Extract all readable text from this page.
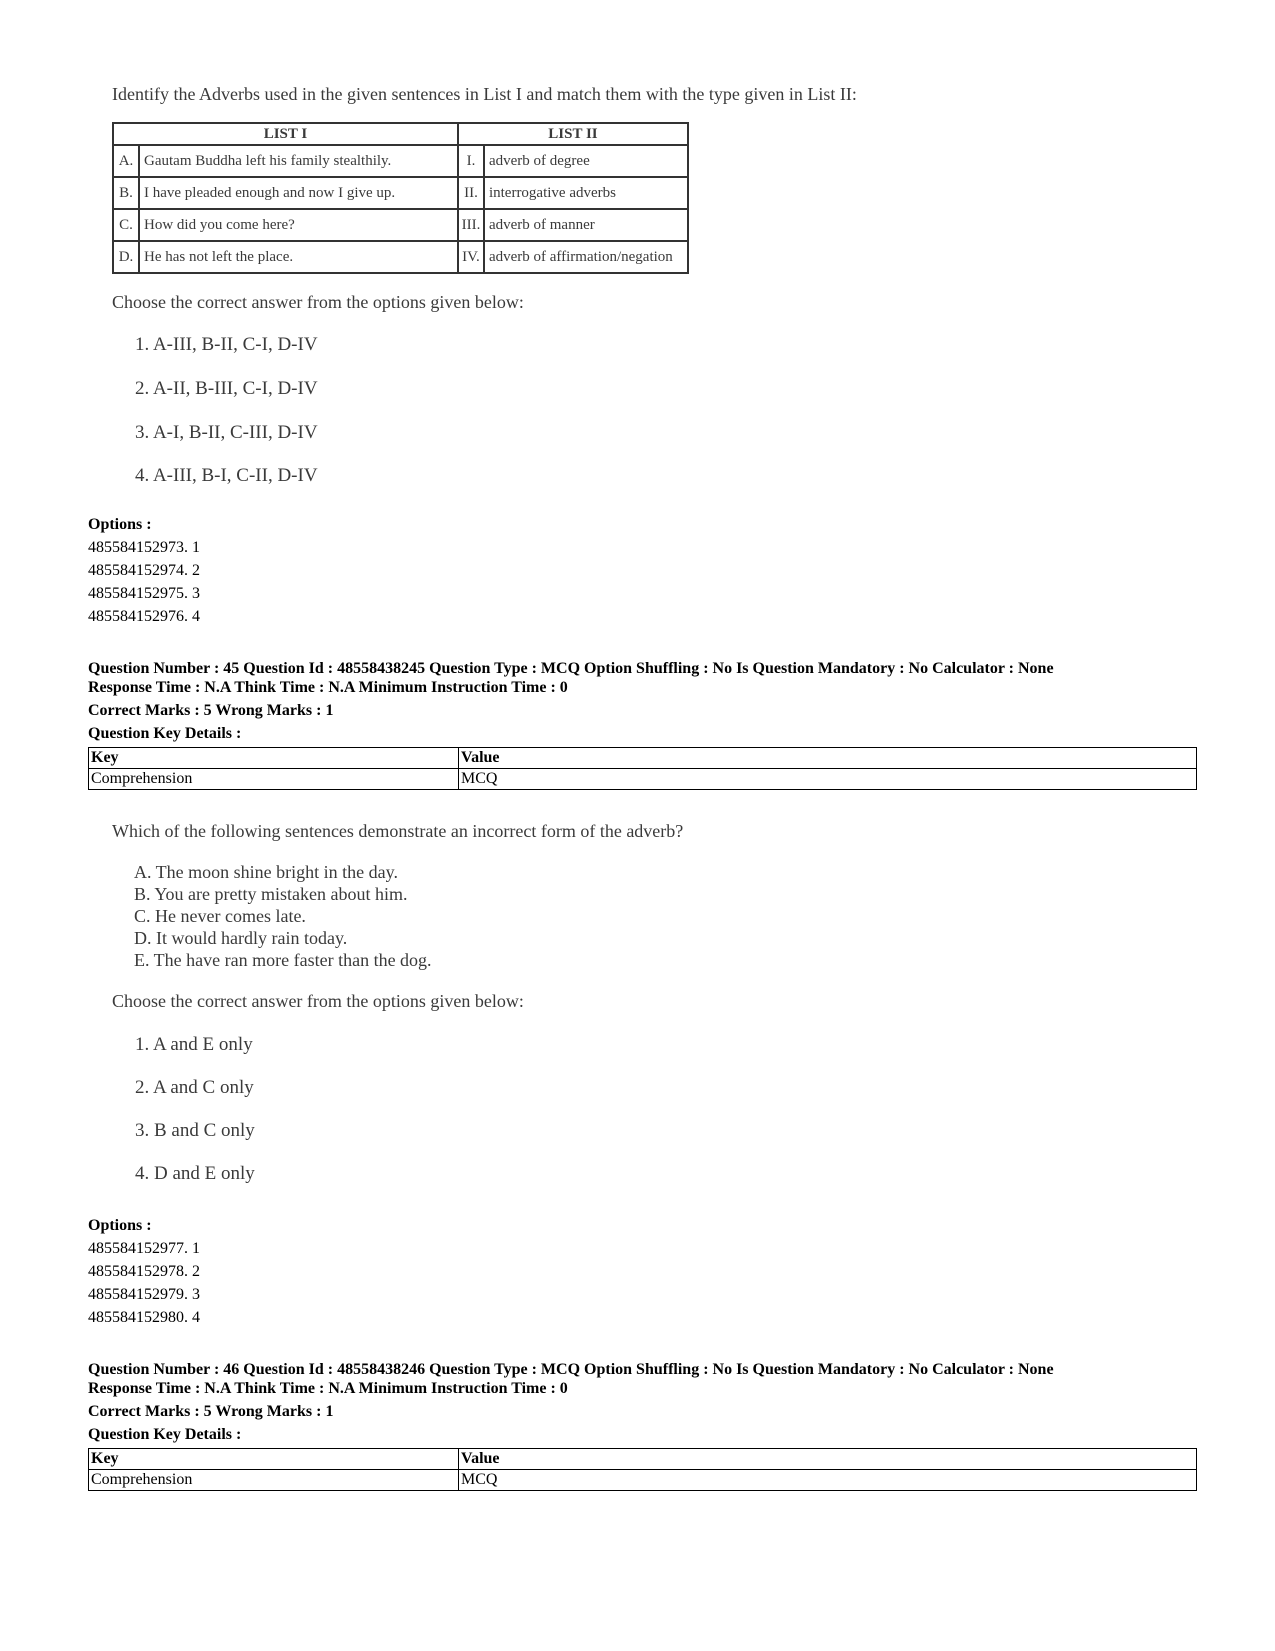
Identify the Adverbs used in the given sentences in List I and match them with the type given in List II:
LIST I		LIST II	
A.	Gautam Buddha left his family stealthily.	I.	adverb of degree
B.	I have pleaded enough and now I give up.	II.	interrogative adverbs
C.	How did you come here?	III.	adverb of manner
D.	He has not left the place.	IV.	adverb of affirmation/negation
Choose the correct answer from the options given below:
1. A-III, B-II, C-I, D-IV
2. A-II, B-III, C-I, D-IV
3. A-I, B-II, C-III, D-IV
4. A-III, B-I, C-II, D-IV
Options :
485584152973. 1
485584152974. 2
485584152975. 3
485584152976. 4
Question Number : 45 Question Id : 48558438245 Question Type : MCQ Option Shuffling : No Is Question Mandatory : No Calculator : None
Response Time : N.A Think Time : N.A Minimum Instruction Time : 0
Correct Marks : 5 Wrong Marks : 1
Question Key Details :
Key	Value
Comprehension	MCQ
Which of the following sentences demonstrate an incorrect form of the adverb?
A. The moon shine bright in the day.
B. You are pretty mistaken about him.
C. He never comes late.
D. It would hardly rain today.
E. The have ran more faster than the dog.
Choose the correct answer from the options given below:
1. A and E only
2. A and C only
3. B and C only
4. D and E only
Options :
485584152977. 1
485584152978. 2
485584152979. 3
485584152980. 4
Question Number : 46 Question Id : 48558438246 Question Type : MCQ Option Shuffling : No Is Question Mandatory : No Calculator : None
Response Time : N.A Think Time : N.A Minimum Instruction Time : 0
Correct Marks : 5 Wrong Marks : 1
Question Key Details :
Key	Value
Comprehension	MCQ
